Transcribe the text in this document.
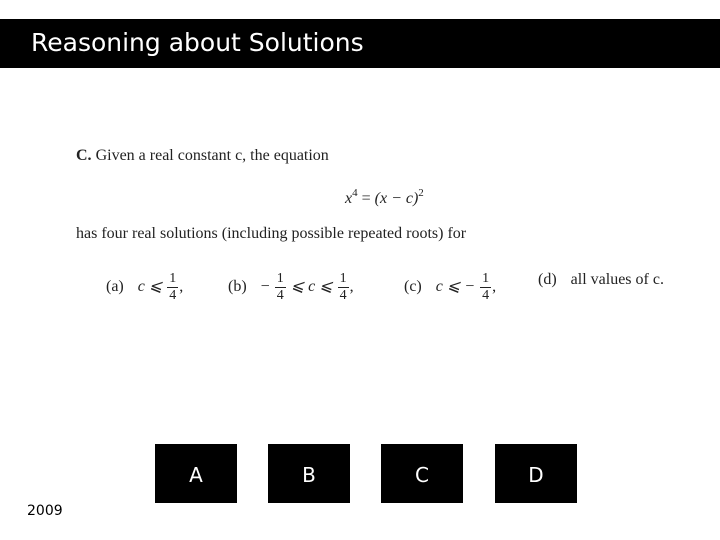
Reasoning about Solutions
C. Given a real constant c, the equation
$x^4 = (x - c)^2$
has four real solutions (including possible repeated roots) for
(a) c ⩽ $\frac{1}{4}$ ,	$(b) - \frac{1}{4}$ ⩽ c ⩽ $\frac{1}{4}$ ,	(c) c ⩽ − $\frac{1}{4}$ ,	(d) all values of c.
A	B	C	D
2009
